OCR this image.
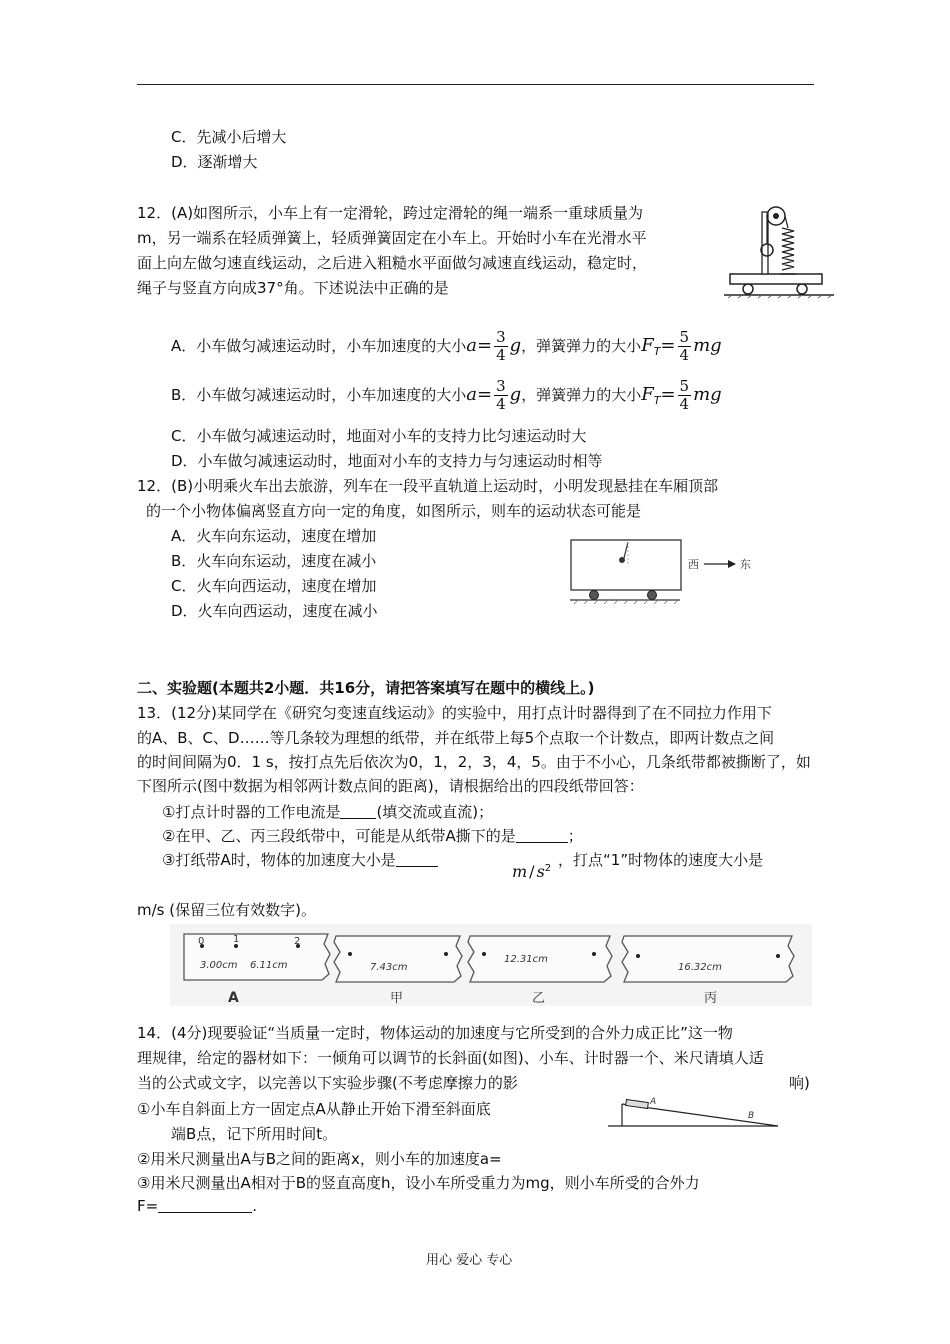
C．先减小后增大
D．逐渐增大
12．(A)如图所示，小车上有一定滑轮，跨过定滑轮的绳一端系一重球质量为
m，另一端系在轻质弹簧上，轻质弹簧固定在小车上。开始时小车在光滑水平
面上向左做匀速直线运动，之后进入粗糙水平面做匀减速直线运动，稳定时，
绳子与竖直方向成37°角。下述说法中正确的是
A．小车做匀减速运动时，小车加速度的大小$a= \frac{3}{4}$ g，弹簧弹力的大小$F_T= \frac{5}{4}$ mg
B．小车做匀减速运动时，小车加速度的大小$a= \frac{3}{4}$ g，弹簧弹力的大小$F_T= \frac{5}{4}$ mg
C．小车做匀减速运动时，地面对小车的支持力比匀速运动时大
D．小车做匀减速运动时，地面对小车的支持力与匀速运动时相等
12．(B)小明乘火车出去旅游，列车在一段平直轨道上运动时，小明发现悬挂在车厢顶部
的一个小物体偏离竖直方向一定的角度，如图所示，则车的运动状态可能是
A．火车向东运动，速度在增加
B．火车向东运动，速度在减小
C．火车向西运动，速度在增加
D．火车向西运动，速度在减小
西	东
二、实验题(本题共2小题．共16分，请把答案填写在题中的横线上。)
13．(12分)某同学在《研究匀变速直线运动》的实验中，用打点计时器得到了在不同拉力作用下
的A、B、C、D……等几条较为理想的纸带，并在纸带上每5个点取一个计数点，即两计数点之间
的时间间隔为0．1 s，按打点先后依次为0，1，2，3，4，5。由于不小心，几条纸带都被撕断了，如
下图所示(图中数据为相邻两计数点间的距离)，请根据给出的四段纸带回答：
①打点计时器的工作电流是 (填交流或直流)；
②在甲、乙、丙三段纸带中，可能是从纸带A撕下的是	；
③打纸带A时，物体的加速度大小是
m / $s^2$ ，打点“1”时物体的速度大小是
m/s (保留三位有效数字)。
0	1	2
3.00cm 6.11cm	7.43cm
12.31cm
16.32cm
A	甲	乙	丙
14．(4分)现要验证“当质量一定时，物体运动的加速度与它所受到的合外力成正比”这一物
理规律，给定的器材如下：一倾角可以调节的长斜面(如图)、小车、计时器一个、米尺请填人适
当的公式或文字，以完善以下实验步骤(不考虑摩擦力的影	响)
①小车自斜面上方一固定点A从静止开始下滑至斜面底
端B点，记下所用时间t。
A
B
②用米尺测量出A与B之间的距离x，则小车的加速度a=
③用米尺测量出A相对于B的竖直高度h，设小车所受重力为mg，则小车所受的合外力
F=	.
用心 爱心 专心
